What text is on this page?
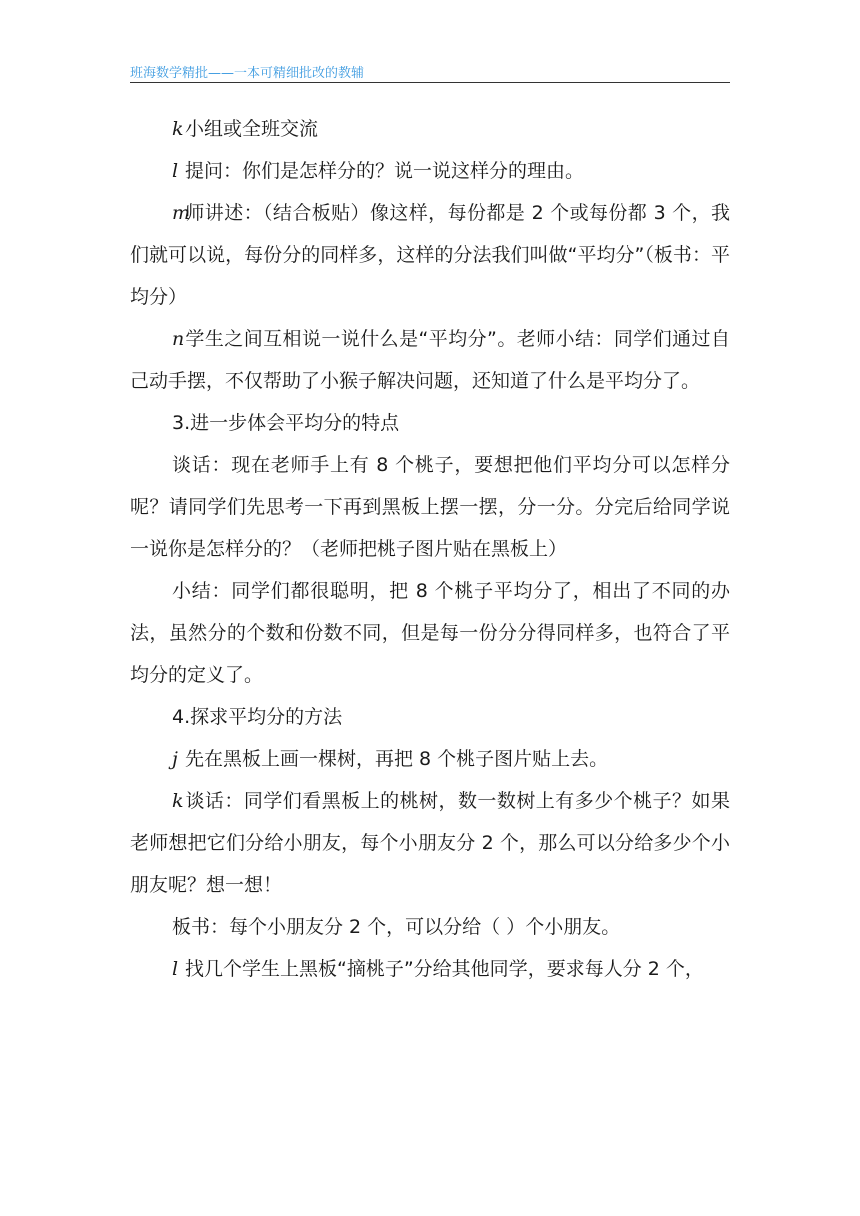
班海数学精批——一本可精细批改的教辅

k小组或全班交流

l 提问：你们是怎样分的？说一说这样分的理由。

m师讲述：（结合板贴）像这样，每份都是 2 个或每份都 3 个，我们就可以说，每份分的同样多，这样的分法我们叫做“平均分”（板书：平均分）

n学生之间互相说一说什么是“平均分”。老师小结：同学们通过自己动手摆，不仅帮助了小猴子解决问题，还知道了什么是平均分了。

3.进一步体会平均分的特点

谈话：现在老师手上有 8 个桃子，要想把他们平均分可以怎样分呢？请同学们先思考一下再到黑板上摆一摆，分一分。分完后给同学说一说你是怎样分的？（老师把桃子图片贴在黑板上）

小结：同学们都很聪明，把 8 个桃子平均分了，相出了不同的办法，虽然分的个数和份数不同，但是每一份分分得同样多，也符合了平均分的定义了。

4.探求平均分的方法

j 先在黑板上画一棵树，再把 8 个桃子图片贴上去。

k谈话：同学们看黑板上的桃树，数一数树上有多少个桃子？如果老师想把它们分给小朋友，每个小朋友分 2 个，那么可以分给多少个小朋友呢？想一想！

板书：每个小朋友分 2 个，可以分给（ ）个小朋友。

l 找几个学生上黑板“摘桃子”分给其他同学，要求每人分 2 个，
